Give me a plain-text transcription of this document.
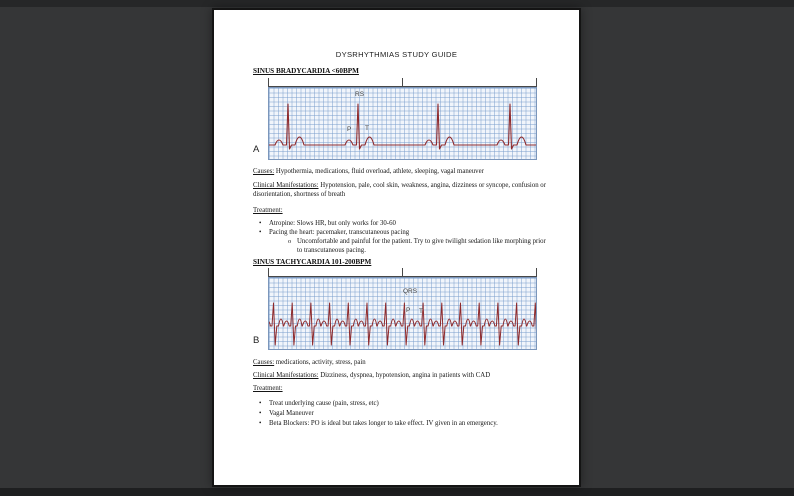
DYSRHYTHMIAS STUDY GUIDE
SINUS BRADYCARDIA <60BPM
RS
P T
A
Causes: Hypothermia, medications, fluid overload, athlete, sleeping, vagal maneuver
Clinical Manifestations: Hypotension, pale, cool skin, weakness, angina, dizziness or syncope, confusion or disorientation, shortness of breath
Treatment:
•	Atropine: Slows HR, but only works for 30-60
•	Pacing the heart: pacemaker, transcutaneous pacing
o Uncomfortable and painful for the patient. Try to give twilight sedation like morphing prior to transcutaneous pacing.
SINUS TACHYCARDIA 101-200BPM
QRS
P T
B
Causes: medications, activity, stress, pain
Clinical Manifestations: Dizziness, dyspnea, hypotension, angina in patients with CAD
Treatment:
•	Treat underlying cause (pain, stress, etc)
•	Vagal Maneuver
•	Beta Blockers: PO is ideal but takes longer to take effect. IV given in an emergency.
